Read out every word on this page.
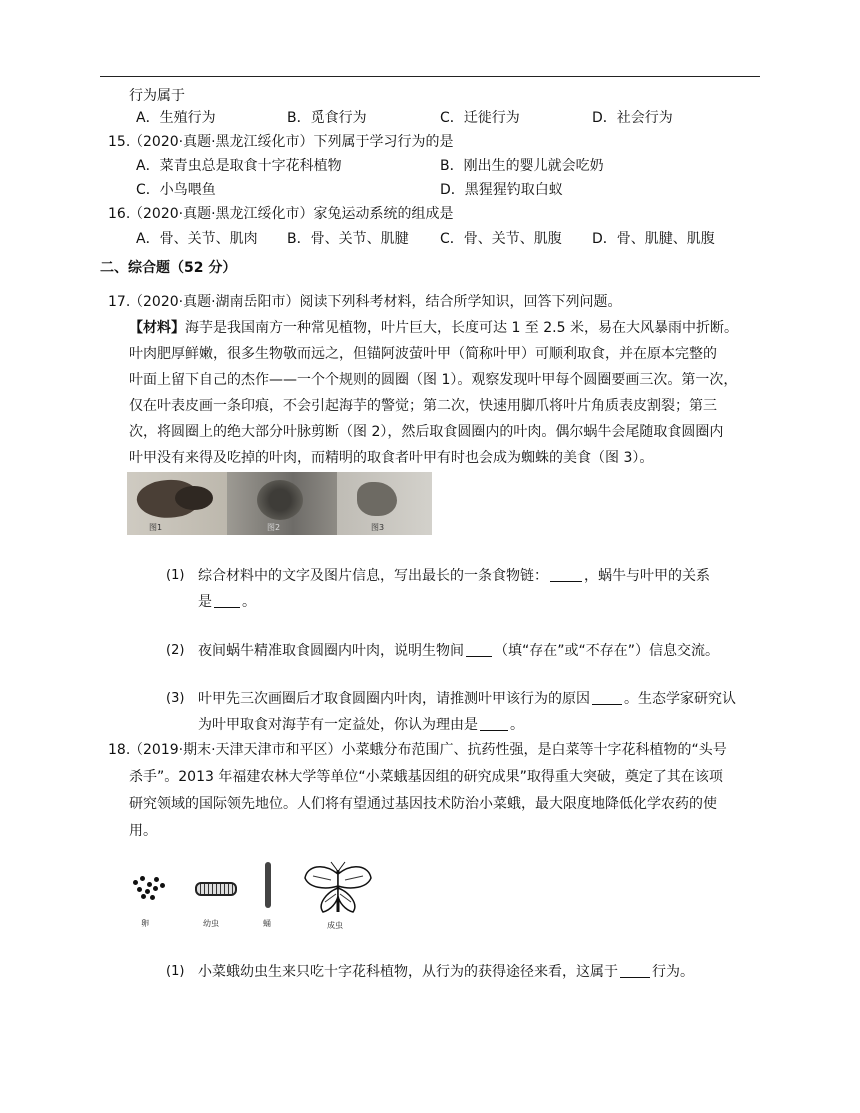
行为属于
A．生殖行为	B．觅食行为	C．迁徙行为	D．社会行为
15.
（2020·真题·黑龙江绥化市）下列属于学习行为的是
A．菜青虫总是取食十字花科植物	B．刚出生的婴儿就会吃奶
C．小鸟喂鱼	D．黑猩猩钓取白蚁
16.
（2020·真题·黑龙江绥化市）家兔运动系统的组成是
A．骨、关节、肌肉 B．骨、关节、肌腱 C．骨、关节、肌腹 D．骨、肌腱、肌腹
二、综合题（52 分）
17.
（2020·真题·湖南岳阳市）阅读下列科考材料，结合所学知识，回答下列问题。
【材料】海芋是我国南方一种常见植物，叶片巨大，长度可达 1 至 2.5 米，易在大风暴雨中折断。
叶肉肥厚鲜嫩，很多生物敬而远之，但锚阿波萤叶甲（简称叶甲）可顺利取食，并在原本完整的
叶面上留下自己的杰作——一个个规则的圆圈（图 1）。观察发现叶甲每个圆圈要画三次。第一次，
仅在叶表皮画一条印痕，不会引起海芋的警觉；第二次，快速用脚爪将叶片角质表皮割裂；第三
次，将圆圈上的绝大部分叶脉剪断（图 2），然后取食圆圈内的叶肉。偶尔蜗牛会尾随取食圆圈内
叶甲没有来得及吃掉的叶肉，而精明的取食者叶甲有时也会成为蜘蛛的美食（图 3）。
图1	图2	图3
(1) 综合材料中的文字及图片信息，写出最长的一条食物链：	，蜗牛与叶甲的关系
是 。
(2) 夜间蜗牛精准取食圆圈内叶肉，说明生物间 （填“存在”或“不存在”）信息交流。
(3) 叶甲先三次画圈后才取食圆圈内叶肉，请推测叶甲该行为的原因 。生态学家研究认
为叶甲取食对海芋有一定益处，你认为理由是 。
18.
（2019·期末·天津天津市和平区）小菜蛾分布范围广、抗药性强，是白菜等十字花科植物的“头号
杀手”。2013 年福建农林大学等单位“小菜蛾基因组的研究成果”取得重大突破，奠定了其在该项
研究领域的国际领先地位。人们将有望通过基因技术防治小菜蛾，最大限度地降低化学农药的使
用。
卵	幼虫	蛹	成虫
(1) 小菜蛾幼虫生来只吃十字花科植物，从行为的获得途径来看，这属于 行为。
